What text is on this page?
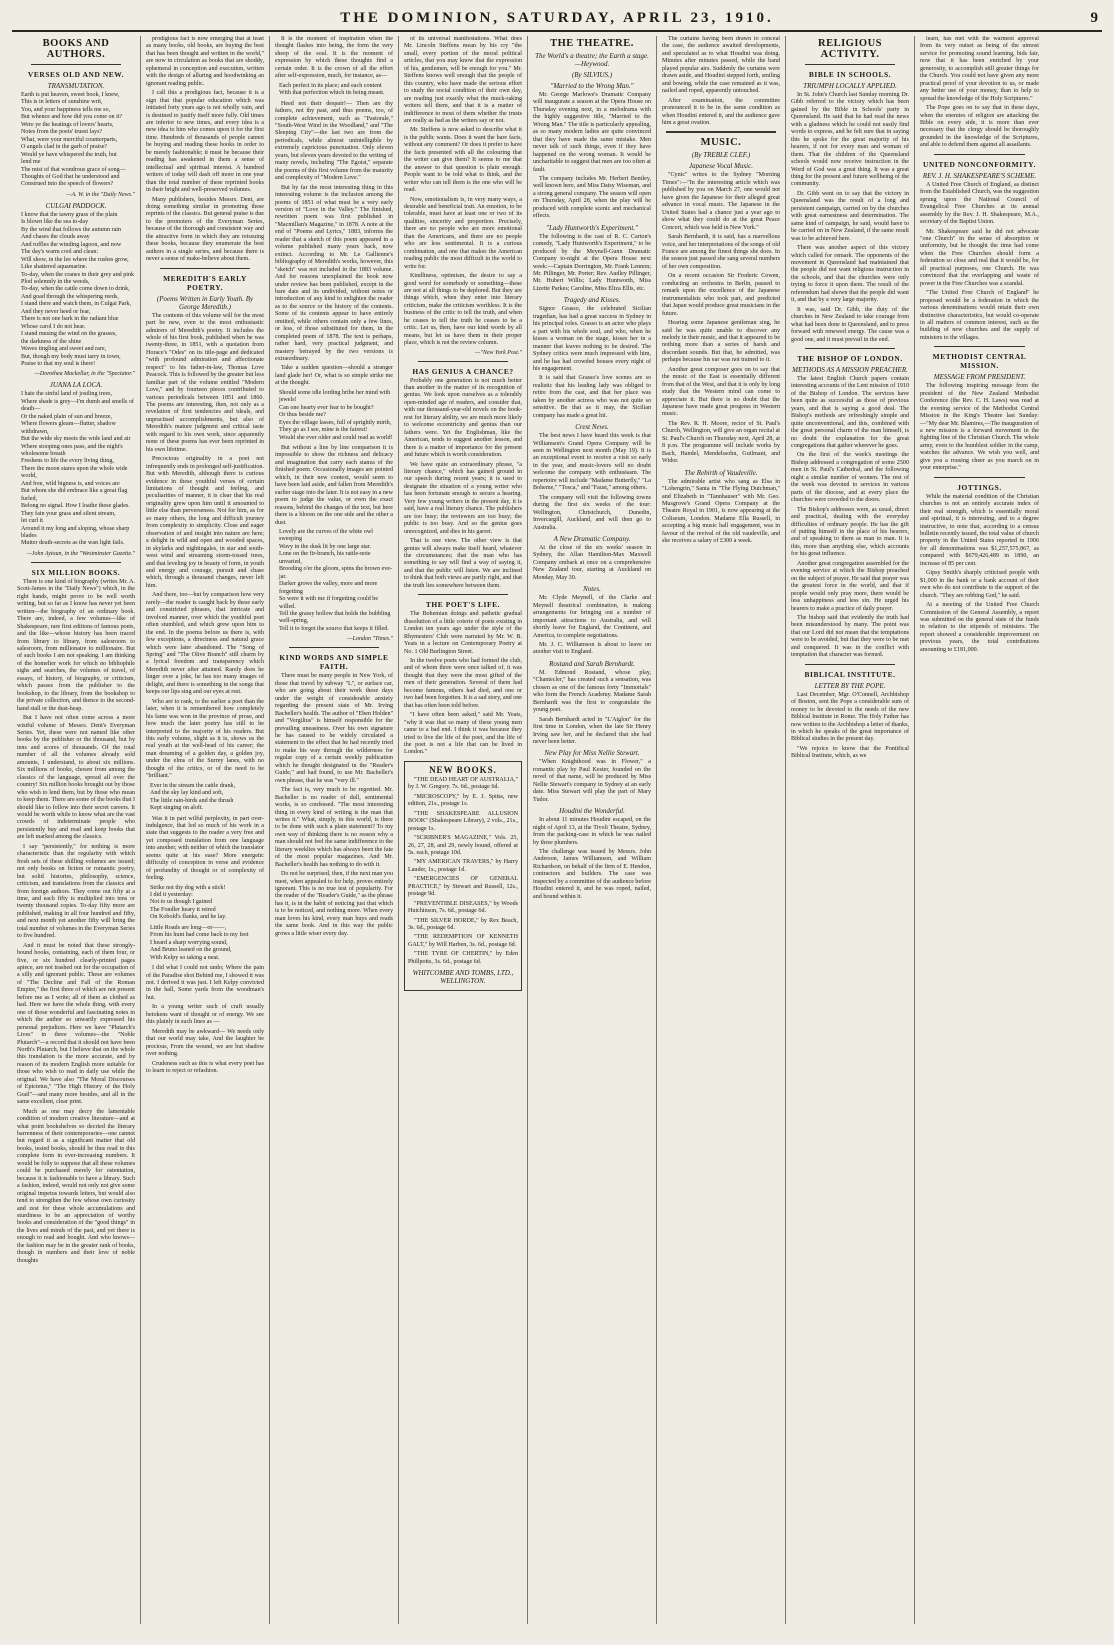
THE DOMINION, SATURDAY, APRIL 23, 1910.	9
BOOKS AND AUTHORS.
VERSES OLD AND NEW.
TRANSMUTATION.

Earth is put heaven, sweet book, I knew,
This is in letters of sunshine writ,
You, and your happiness tells me so,
But whence and how did you come on it?
Were ye the heatings of lovers' hearts,
Notes from the poets' truest lays?
What, were your merciful counterparts,
O angels clad in the garb of praise?
Would ye have whispered the truth, but
lend me
The mist of that wondrous grace of song—
Thoughts of God that he understood and
Construed into the speech of flowers?

—A. W. in the "Daily News."

CULGAI PADDOCK.

I know that the tawny grass of the plain
Is blown like the sea to-day
By the wind that follows the autumn rain
And chases the clouds away
And ruffles the winding lagoon, and now
The day's warm cool and clean:
Will show, in the lee where the rushes grow,
Like shattered aquamarine.
To-day, when the cranes in their grey and pink
Plod solemnly in the weeds,
To-day, when the cattle come down to drink,
And goad through the whispering reeds,
I stand there and watch them, in Culgai Park,
And they never heed or fear,
There is not one bark in the radiant blue
Whose carol I do not hear.
I stand musing the wind on the grasses,
the darkness of the shine
Waves tingling and sweet and rare,
But, though my body must tarry in town,
Praise to that my soul is there!

—Dorothea Mackellar, in the "Spectator."

JUANA LA LOCA.

I hate the sinful land of jostling trees,
Where shade is grey—I'm dumb and smells of death—
Or the naked plain of sun and breeze,
Where flowers gleam—flutter, shadow withdrawn,
But the wide sky meets the wide land and air
Where stooping ones pass, and the night's wholesome breath
Freshens to life the every living thing,
There the moon stares upon the whole wide world,
And free, wild bigness is, and voices are
But whom she did embrace like a great flag furled,
Belong no signal. How I loathe these glades.
They fain your grass and silent stream,
let curl it
Around it my long and sloping, whose sharp blades
Mutter death-secrets as the wan light fails.

—John Aytoun, in the "Westminster Gazette."

SIX MILLION BOOKS.

There is one kind of biography (writes Mr. A. Scott-James in the "Daily News") which, in the right hands, might prove to be well worth writing, but so far as I know has never yet been written—the biography of an ordinary book. There are, indeed, a few volumes—like of Shakespeare, rare first editions of famous poets, and the like—whose history has been traced from library to library, from salesroom to salesroom, from millionaire to millionaire. But of such books I am not speaking. I am thinking of the homelier work for which no bibliophile sighs and searches, the volumes of travel, of essays, of history, of biography, or criticism, which passes from the publisher to the bookshop, to the library, from the bookshop to the private collection, and thence to the second-hand stall or the dust-heap.

But I have not often come across a more wistful volume of Messrs. Dent's Everyman Series. Yet, these were not named like other books by the publisher or the thousand, but by tens and scores of thousands. Of the total number of all the volumes already sold amounts, I understand, to about six millions. Six millions of books, chosen from among the classics of the language, spread all over the country! Six million books brought out by those who wish to lend them, but by those who mean to keep them. There are some of the books that I should like to follow into their secret careers. It would be worth while to know what are the vast crowds of indeterminate people who persistently buy and read and keep books that are left marked among the classics.

I say "persistently," for nothing is more characteristic than the regularity with which fresh sets of these shilling volumes are issued; not only books on fiction or romantic poetry, but solid histories, philosophy, science, criticism, and translations from the classics and from foreign authors. They come out fifty at a time, and each fifty is multiplied into tens or twenty thousand copies. To-day fifty more are published, making in all four hundred and fifty, and next month yet another fifty will bring the total number of volumes in the Everyman Series to five hundred.

And it must be noted that these strongly-bound books, containing, each of them four, or five, or six hundred clearly-printed pages apiece, are not trashed out for the occupation of a silly and ignorant public. These are volumes of "The Decline and Fall of the Roman Empire," the first three of which are not present before me as I write; all of them as clothed as had. Here we have the whole thing, with every one of those wonderful and fascinating notes in which the author so unwarily expressed his personal prejudices. Here we have "Plutarch's Lives" in three volumes—the "Noble Plutarch"—a record that it should not have been North's Plutarch, but I believe that on the whole this translation is the more accurate, and by reason of its modern English more suitable for those who wish to read in daily use while the original. We have also "The Moral Discourses of Epictetus," "The High History of the Holy Grail"—and many more besides, and all in the same excellent, clear print.

Much as one may decry the lamentable condition of modern creative literature—and at what point bookshelves so decried the literary barrenness of their contemporaries—one cannot but regard it as a significant matter that old books, tested books, should be thus read in this complete form in ever-increasing numbers. It would be folly to suppose that all these volumes could be purchased merely for ostentation, because it is fashionable to have a library. Such a fashion, indeed, would not only not give some original impetus towards letters, but would also tend to strengthen the few whose own curiosity and zest for these whole accumulations and sturdiness to be an appreciation of worthy books and consideration of the "good things" in the lives and minds of the past, and yet there is enough to read and bought. And who knows—the fashion may be in the greater rank of books, though in numbers and their love of noble thoughts

prodigious fact is now emerging that at least as many books, old books, are buying the best that has been thought and written in the world," are now in circulation as books that are shoddy, ephemeral in conception and execution, written with the design of alluring and hoodwinking an ignorant reading public.

I call this a prodigious fact, because it is a sign that that popular education which was initiated forty years ago is not wholly vain, and is destined to justify itself more fully. Old times are inferior to new times, and every idea is a new idea to him who comes upon it for the first time. Hundreds of thousands of people cannot be buying and reading these books in order to be merely fashionable; it must be because their reading has awakened in them a sense of intellectual and spiritual interest. A hundred writers of today will dash off more in one year than the total number of these reprinted books in their bright and well-preserved volumes.

Many publishers, besides Messrs. Dent, are doing something similar in promoting these reprints of the classics. But general praise is due to the promoters of the Everyman Series, because of the thorough and consistent way and the attractive form in which they are reissuing these books, because they enumerate the best authors in a single series, and because there is never a sense of make-believe about them.

MEREDITH'S EARLY POETRY.
(Poems Written in Early Youth. By George Meredith.)

The contents of this volume will for the most part be new, even to the most enthusiastic admirers of Meredith's poetry. It includes the whole of his first book, published when he was twenty-three, in 1851, with a quotation from Horace's "Odes" on its title-page and dedicated "with profound admiration and affectionate respect" to his father-in-law, Thomas Love Peacock. This is followed by the greater but less familiar part of the volume entitled "Modern Love," and by fourteen pieces contributed to various periodicals between 1851 and 1860. The poems are interesting, then, not only as a revelation of first tendencies and ideals, and unpractised accomplishments, but also of Meredith's mature judgment and critical taste with regard to his own work, since apparently none of these poems has ever been reprinted in his own lifetime.

Precocious originality in a poet not infrequently ends in prolonged self-justification. But with Meredith, although there is curious evidence in these youthful verses of certain limitations of thought and feeling, and peculiarities of manner, it is clear that his real originality grew upon him until it amounted to little else than perverseness. Not for him, as for so many others, the long and difficult journey from complexity to simplicity. Close and eager observation of and insight into nature are here; a delight in wild and open and wooded spaces, in skylarks and nightingales, in star and south-west wind and streaming storm-tossed trees, and that leveling joy in beauty of form, in youth and energy and courage, pursuit and chase which, through a thousand changes, never left him.

And there, too—but by comparison how very rarely—the reader is caught back by these early and constricted phrases, that intricate and involved manner, over which the youthful poet often stumbled, and which grew upon him to the end. In the poems before us there is, with few exceptions, a directness and natural grace which were later abandoned. The "Song of Spring" and "The Olive Branch" still charm by a lyrical freedom and transparency which Meredith never after attained. Rarely does he linger over a joke, he has too many images of delight, and there is something in the songs that keeps our lips sing and our eyes at rest.

Who are to rank, to the earlier a poet than the later, when it is remembered how completely his fame was won in the province of prose, and how much the later poetry has still to be interpreted to the majority of his readers. But this early volume, slight as it is, shows us the real youth at the well-head of his career; the man dreaming of a golden day, a golden joy, under the elms of the Surrey lanes, with no thought of the critics, or of the need to be "brilliant."

Ever in the stream the cattle drank,
And the sky lay kind and soft,
The little rain-birds and the thrush
Kept singing on aloft.

Was it in part wilful perplexity, in part over-indulgence, that led so much of his work in a state that suggests to the reader a very free and yet composed translation from one language into another, with neither of which the translator seems quite at his ease? More energetic difficulty of conception in verse and evidence of profundity of thought or of complexity of feeling.

Strike not thy dog with a stick!
I did it yesterday:
Not to us though I gained
The Fondler heary it reired
On Kobold's flanks, and he lay.

Little Roads are long—or——,
From his hunt had come back to my feet
I heard a sharp worrying sound,
And Bruno leaned on the ground,
With Kelpy so taking a neat.

I did what I could not undo; Where the pain of the Paradise shot Behind me, I showed it was not. I derived it was just. I left Kelpy convicted in the hall, Some yards from the woodman's hut.

In a young writer such of craft usually betokens want of thought or of energy. We see this plainly in such lines as —

Meredith may be awkward— We needs only that our world may take, And the laughter be precious, From the wound, we are but shadow over nothing.

Crudeness such as this is what every poet has to learn to reject or refashion.

It is the moment of inspiration when the thought flashes into being, the form the very sheep of the soul. It is the moment of expression by which these thoughts find a certain order. It is the crown of all the effort after self-expression, much, for instance, as—

Each perfect in its place; and each content
With that perfection which its being meant.

Heed not their despair!— Then are thy fathers, not thy past, and thus poems, too, of complete achievement, such as "Pastorale," "South-West Wind in the Woodland," and "The Sleeping City"—the last two are from the periodicals, while almost unintelligible by extremely capricious punctuation. Only eleven years, but eleven years devoted to the writing of many novels, including "The Egoist," separate the poems of this first volume from the maturity and complexity of "Modern Love."

But by far the most interesting thing in this interesting volume is the inclusion among the poems of 1851 of what must be a very early version of "Love in the Valley." The finished, rewritten poem was first published in "Macmillan's Magazine," in 1878. A note at the end of "Poems and Lyrics," 1883, informs the reader that a sketch of this poem appeared in a volume published many years back, now extinct. According to Mr. Le Gallienne's bibliography of Meredith's works, however, this "sketch" was not included in the 1883 volume. And for reasons unexplained the book now under review has been published, except in the bare date and its undivided, without notes or introduction of any kind to enlighten the reader as to the source or the history of the contents. Some of its contents appear to have entirely omitted, while others contain only a few lines, or less, of those substituted for them, in the completed poem of 1878. The text is perhaps, rather hard, very practical judgment, and mastery betrayed by the two versions is extraordinary.

Take a sudden question—should a stranger land glade her! Or, what is so simple strike me at the thought.

Should some idle lording bribe her mind with jewels!
Can one hearty ever fear to be bought?
Or thus beside me?
Eyes the village lasses, full of sprightly mirth,
They go as I see, mine is the fairest!
Would she ever older and could read as world!

But without a line by line comparison it is impossible to show the richness and delicacy and imagination that carry each stanza of the finished poem. Occasionally images are pointed which, in their new context, would seem to have been laid aside, and fallen from Meredith's earlier stage into the later. It is not easy in a new poem to judge the value, or even the exact reasons, behind the changes of the text, but here there is a bloom on the one side and the other a dust.

Lovely are the curves of the white owl sweeping
Wavy in the dusk lit by one large star.
Lone on the fir-branch, his rattle-note unvaried,
Brooding o'er the gloom, spins the brown eve-jar.
Darker grows the valley, more and more forgetting
So were it with me if forgetting could be willed.
Tell the grassy hollow that holds the bubbling well-spring,
Tell it to forget the source that keeps it filled.

—London "Times."

KIND WORDS AND SIMPLE FAITH.

There must be many people in New York, of those that travel by subway "L", or surface car, who are going about their work these days under the weight of considerable anxiety regarding the present state of Mr. Irving Bacheller's health. The author of "Eben Holden" and "Vergilius" is himself responsible for the prevailing uneasiness. Over his own signature he has caused to be widely circulated a statement to the effect that he had recently tried to make his way through the wilderness for regular copy of a certain weekly publication which he thought designated in the "Reader's Guide," and had found, to use Mr. Bacheller's own phrase, that he was "very ill."

The fact is, very much to be regretted. Mr. Bacheller is no reader of dull, sentimental works, is so confessed. "The most interesting thing in every kind of writing is the man that writes it." What, simply, in this world, is there to be done with such a plain statement? To my own way of thinking there is no reason why a man should not feel the same indifference to the literary weeklies which has always been the fate of the most popular magazines. And Mr. Bacheller's health has nothing to do with it.

Do not be surprised, then, if the next man you meet, when appealed to for help, proves entirely ignorant. This is no true test of popularity. For the reader of the "Reader's Guide," as the phrase has it, is in the habit of noticing just that which is to be noticed, and nothing more. When every man loves his kind, every man buys and reads the same book. And in this way the public grows a little wiser every day.

of its universal manifestations. What does Mr. Lincoln Steffens mean by his cry "the small, every portion of the moral political articles, that you may know that the expression of his, gentlemen, will be enough for you." Mr. Steffens knows well enough that the people of this country, who have made the serious effort to study the social condition of their own day, are reading just exactly what the muck-raking writers tell them, and that it is a matter of indifference to most of them whether the trusts are really as bad as the writers say or not.

Mr. Steffens is now asked to describe what it is the public wants. Does it want the bare facts, without any comment? Or does it prefer to have the facts presented with all the colouring that the writer can give them? It seems to me that the answer to that question is plain enough. People want to be told what to think, and the writer who can tell them is the one who will be read.

Now, emotionalism is, in very many ways, a desirable and beneficial trait. An emotion, to be tolerable, must have at least one or two of its qualities, sincerity and proportion. Precisely, there are no people who are more emotional than the Americans, and there are no people who are less sentimental. It is a curious combination, and one that makes the American reading public the most difficult in the world to write for.

Kindliness, optimism, the desire to say a good word for somebody or something—these are not at all things to be deplored. But they are things which, when they enter into literary criticism, make the criticism worthless. It is the business of the critic to tell the truth, and when he ceases to tell the truth he ceases to be a critic. Let us, then, have our kind words by all means, but let us have them in their proper place, which is not the review column.

—"New York Post."

HAS GENIUS A CHANCE?

Probably one generation is not much better than another in the matter of its recognition of genius. We look upon ourselves as a tolerably open-minded age of readers, and consider that, with our thousand-year-old novels on the book-rest for literary ability, we are much more likely to welcome eccentricity and genius than our fathers were. Yet the Englishman, like the American, tends to suggest another lesson, and there is a matter of importance for the present and future which is worth consideration.

We have quite an extraordinary phrase, "a literary chance," which has gained ground in our speech during recent years; it is used to designate the situation of a young writer who has been fortunate enough to secure a hearing. Very few young writers in the present day, it is said, have a real literary chance. The publishers are too busy; the reviewers are too busy; the public is too busy. And so the genius goes unrecognized, and dies in his garret.

That is one view. The other view is that genius will always make itself heard, whatever the circumstances; that the man who has something to say will find a way of saying it, and that the public will listen. We are inclined to think that both views are partly right, and that the truth lies somewhere between them.

THE POET'S LIFE.

The Bohemian doings and pathetic gradual dissolution of a little coterie of poets existing in London ten years ago under the style of the Rhymesters' Club were narrated by Mr. W. B. Yeats in a lecture on Contemporary Poetry at No. 1 Old Burlington Street.

In the twelve poets who had formed the club, and of whom three were once talked of, it was thought that they were the most gifted of the men of their generation. Several of them had become famous, others had died, and one or two had been forgotten. It is a sad story, and one that has often been told before.

"I have often been asked," said Mr. Yeats, "why it was that so many of these young men came to a bad end. I think it was because they tried to live the life of the poet, and the life of the poet is not a life that can be lived in London."

NEW BOOKS.

"THE DEAD HEART OF AUSTRALIA," by J. W. Gregory. 7s. 6d., postage 6d.

"MICROSCOPY," by E. J. Spitta, new edition, 21s., postage 1s.

"THE SHAKESPEARE ALLUSION BOOK" (Shakespeare Library), 2 vols., 21s., postage 1s.

"SCRIBNER'S MAGAZINE," Vols. 25, 26, 27, 28, and 29, newly bound, offered at 5s. each, postage 10d.

"MY AMERICAN TRAVERS," by Harry Lauder, 1s., postage 1d.

"EMERGENCIES OF GENERAL PRACTICE," by Stewart and Russell, 12s., postage 9d.

"PREVENTIBLE DISEASES," by Woods Hutchinson, 7s. 6d., postage 6d.

"THE SILVER HORDE," by Rex Beach, 3s. 6d., postage 6d.

"THE REDEMPTION OF KENNETH GALT," by Will Harben, 3s. 6d., postage 6d.

"THE TYRE OF CHERTIN," by Eden Phillpotts, 3s. 6d., postage 6d.

WHITCOMBE AND TOMBS, LTD., WELLINGTON.
THE THEATRE.
The World's a theatre; the Earth a stage.—Heywood.
(By SILVIUS.)
"Married to the Wrong Man."

Mr. George Marlowe's Dramatic Company will inaugurate a season at the Opera House on Thursday evening next, in a melodrama with the highly suggestive title, "Married to the Wrong Man." The title is particularly appealing, as so many modern ladies are quite convinced that they have made the same mistake. Men never talk of such things, even if they have happened on the wrong woman. It would be uncharitable to suggest that men are too often at fault.

The company includes Mr. Herbert Bentley, well known here, and Miss Daisy Wiseman, and a strong general company. The season will open on Thursday, April 28, when the play will be produced with complete scenic and mechanical effects.

"Lady Huntworth's Experiment."

The following is the cast of R. C. Carton's comedy, "Lady Huntworth's Experiment," to be produced by the Meynell-Gunn Dramatic Company to-night at the Opera House next week:—Captain Dorrington, Mr. Frank Lennon; Mr. Pillinger, Mr. Porter; Rev. Audley Pillinger, Mr. Hubert Willis; Lady Huntworth, Miss Lizette Parkes; Caroline, Miss Eliza Ellis, etc.

Tragedy and Kisses.

Signor Grasso, the celebrated Sicilian tragedian, has had a great success in Sydney in his principal roles. Grasso is an actor who plays a part with his whole soul, and who, when he kisses a woman on the stage, kisses her in a manner that leaves nothing to be desired. The Sydney critics were much impressed with him, and he has had crowded houses every night of his engagement.

It is said that Grasso's love scenes are so realistic that his leading lady was obliged to retire from the cast, and that her place was taken by another actress who was not quite so sensitive. Be that as it may, the Sicilian company has made a great hit.

Crest News.

The best news I have heard this week is that Williamson's Grand Opera Company will be seen in Wellington next month (May 19). It is an exceptional event to receive a visit so early in the year, and music-lovers will no doubt welcome the company with enthusiasm. The repertoire will include "Madame Butterfly," "La Boheme," "Tosca," and "Faust," among others.

The company will visit the following towns during the first six weeks of the tour: Wellington, Christchurch, Dunedin, Invercargill, Auckland, and will then go to Australia.

A New Dramatic Company.

At the close of the six weeks' season in Sydney, the Allan Hamilton-Max Maxwell Company embark at once on a comprehensive New Zealand tour, starting at Auckland on Monday, May 30.

Notes.

Mr. Clyde Meynell, of the Clarke and Meynell theatrical combination, is making arrangements for bringing out a number of important attractions to Australia, and will shortly leave for England, the Continent, and America, to complete negotiations.

Mr. J. C. Williamson is about to leave on another visit to England.

Rostand and Sarah Bernhardt.

M. Edmond Rostand, whose play, "Chantecler," has created such a sensation, was chosen as one of the famous forty "Immortals" who form the French Academy. Madame Sarah Bernhardt was the first to congratulate the young poet.

Sarah Bernhardt acted in "L'Aiglon" for the first time in London, when the late Sir Henry Irving saw her, and he declared that she had never been better.

New Play for Miss Nellie Stewart.

"When Knighthood was in Flower," a romantic play by Paul Kester, founded on the novel of that name, will be produced by Miss Nellie Stewart's company in Sydney at an early date. Miss Stewart will play the part of Mary Tudor.

Houdini the Wonderful.

In about 11 minutes Houdini escaped, on the night of April 13, at the Tivoli Theatre, Sydney, from the packing-case in which he was nailed by three plumbers.

The challenge was issued by Messrs. John Anderson, James Williamson, and William Richardson, on behalf of the firm of E. Hendon, contractors and builders. The case was inspected by a committee of the audience before Houdini entered it, and he was roped, nailed, and bound within it.

The curtains having been drawn to conceal the case, the audience awaited developments, and speculated as to what Houdini was doing. Minutes after minutes passed, while the band played popular airs. Suddenly the curtains were drawn aside, and Houdini stepped forth, smiling and bowing, while the case remained as it was, nailed and roped, apparently untouched.

After examination, the committee pronounced it to be in the same condition as when Houdini entered it, and the audience gave him a great ovation.

MUSIC.
(By TREBLE CLEF.)
Japanese Vocal Music.

"Cynic" writes to the Sydney "Morning Times":—"In the interesting article which was published by you on March 27, one would not have given the Japanese for their alleged great advance in vocal music. The Japanese in the United States had a chance just a year ago to show what they could do at the great Peace Concert, which was held in New York."

Sarah Bernhardt, it is said, has a marvellous voice, and her interpretations of the songs of old France are among the finest things she does. In the season just passed she sang several numbers of her own composition.

On a recent occasion Sir Frederic Cowen, conducting an orchestra in Berlin, paused to remark upon the excellence of the Japanese instrumentalists who took part, and predicted that Japan would produce great musicians in the future.

Hearing some Japanese gentleman sing, he said he was quite unable to discover any melody in their music, and that it appeared to be nothing more than a series of harsh and discordant sounds. But that, he admitted, was perhaps because his ear was not trained to it.

Another great composer goes on to say that the music of the East is essentially different from that of the West, and that it is only by long study that the Western mind can come to appreciate it. But there is no doubt that the Japanese have made great progress in Western music.

The Rev. R. H. Moore, rector of St. Paul's Church, Wellington, will give an organ recital at St. Paul's Church on Thursday next, April 28, at 8 p.m. The programme will include works by Bach, Handel, Mendelssohn, Guilmant, and Widor.

The Rebirth of Vaudeville.

The admirable artist who sang as Elsa in "Lohengrin," Santa in "The Flying Dutchman," and Elizabeth in "Tannhauser" with Mr. Geo. Musgrove's Grand Opera Company at the Theatre Royal in 1901, is now appearing at the Coliseum, London. Madame Ella Russell, in accepting a big music hall engagement, was in favour of the revival of the old vaudeville, and she receives a salary of £300 a week.

RELIGIOUS ACTIVITY.
BIBLE IN SCHOOLS.
TRIUMPH LOCALLY APPLIED.

In St. John's Church last Sunday morning Dr. Gibb referred to the victory which has been gained by the Bible in Schools' party in Queensland. He said that he had read the news with a gladness which he could not easily find words to express, and he felt sure that in saying this he spoke for the great majority of his hearers, if not for every man and woman of them. That the children of the Queensland schools would now receive instruction in the Word of God was a great thing. It was a great thing for the present and future wellbeing of the community.

Dr. Gibb went on to say that the victory in Queensland was the result of a long and persistent campaign, carried on by the churches with great earnestness and determination. The same kind of campaign, he said, would have to be carried on in New Zealand, if the same result was to be achieved here.

There was another aspect of this victory which called for remark. The opponents of the movement in Queensland had maintained that the people did not want religious instruction in the schools, and that the churches were only trying to force it upon them. The result of the referendum had shown that the people did want it, and that by a very large majority.

It was, said Dr. Gibb, the duty of the churches in New Zealand to take courage from what had been done in Queensland, and to press forward with renewed energy. The cause was a good one, and it must prevail in the end.

THE BISHOP OF LONDON.
METHODS AS A MISSION PREACHER.

The latest English Church papers contain interesting accounts of the Lent mission of 1910 of the Bishop of London. The services have been quite as successful as those of previous years, and that is saying a good deal. The Bishop's methods are refreshingly simple and quite unconventional, and this, combined with the great personal charm of the man himself, is no doubt the explanation for the great congregations that gather wherever he goes.

On the first of the week's meetings the Bishop addressed a congregation of some 2500 men in St. Paul's Cathedral, and the following night a similar number of women. The rest of the week was devoted to services in various parts of the diocese, and at every place the churches were crowded to the doors.

The Bishop's addresses were, as usual, direct and practical, dealing with the everyday difficulties of ordinary people. He has the gift of putting himself in the place of his hearers, and of speaking to them as man to man. It is this, more than anything else, which accounts for his great influence.

Another great congregation assembled for the evening service at which the Bishop preached on the subject of prayer. He said that prayer was the greatest force in the world, and that if people would only pray more, there would be less unhappiness and less sin. He urged his hearers to make a practice of daily prayer.

The bishop said that evidently the truth had been misunderstood by many. The point was that our Lord did not mean that the temptations were to be avoided, but that they were to be met and conquered. It was in the conflict with temptation that character was formed.

BIBLICAL INSTITUTE.
LETTER BY THE POPE.

Last December, Mgr. O'Connell, Archbishop of Boston, sent the Pope a considerable sum of money to be devoted to the needs of the new Biblical Institute in Rome. The Holy Father has now written to the Archbishop a letter of thanks, in which he speaks of the great importance of Biblical studies in the present day.

"We rejoice to know that the Pontifical Biblical Institute, which, as we

learn, has met with the warmest approval from its very outset as being of the utmost service for promoting sound learning, bids fair, now that it has been enriched by your generosity, to accomplish still greater things for the Church. You could not have given any more practical proof of your devotion to us, or made any better use of your money, than to help to spread the knowledge of the Holy Scriptures."

The Pope goes on to say that in these days, when the enemies of religion are attacking the Bible on every side, it is more than ever necessary that the clergy should be thoroughly grounded in the knowledge of the Scriptures, and able to defend them against all assailants.

UNITED NONCONFORMITY.
REV. J. H. SHAKESPEARE'S SCHEME.

A United Free Church of England, as distinct from the Established Church, was the suggestion sprung upon the National Council of Evangelical Free Churches at its annual assembly by the Rev. J. H. Shakespeare, M.A., secretary of the Baptist Union.

Mr. Shakespeare said he did not advocate "one Church" in the sense of absorption or uniformity, but he thought the time had come when the Free Churches should form a federation so close and real that it would be, for all practical purposes, one Church. He was convinced that the overlapping and waste of power in the Free Churches was a scandal.

"The United Free Church of England" he proposed would be a federation in which the various denominations would retain their own distinctive characteristics, but would co-operate in all matters of common interest, such as the building of new churches and the supply of ministers to the villages.

METHODIST CENTRAL MISSION.
MESSAGE FROM PRESIDENT.

The following inspiring message from the president of the New Zealand Methodist Conference (the Rev. C. H. Laws) was read at the evening service of the Methodist Central Mission in the King's Theatre last Sunday:—"My dear Mr. Blamires,—The inauguration of a new mission is a forward movement in the fighting line of the Christian Church. The whole army, even to the humblest soldier in the camp, watches the advance. We wish you well, and give you a rousing cheer as you march on in your enterprise."

JOTTINGS.

While the material condition of the Christian churches is not an entirely accurate index of their real strength, which is essentially moral and spiritual, it is interesting, and to a degree instructive, to note that, according to a census bulletin recently issued, the total value of church property in the United States reported in 1906 for all denominations was $1,257,575,867, as compared with $679,426,489 in 1890, an increase of 85 per cent.

Gipsy Smith's sharply criticised people with $1,000 in the bank or a bank account of their own who do not contribute to the support of the church. "They are robbing God," he said.

At a meeting of the United Free Church Commission of the General Assembly, a report was submitted on the general state of the funds in relation to the stipends of ministers. The report showed a considerable improvement on previous years, the total contributions amounting to £181,000.
